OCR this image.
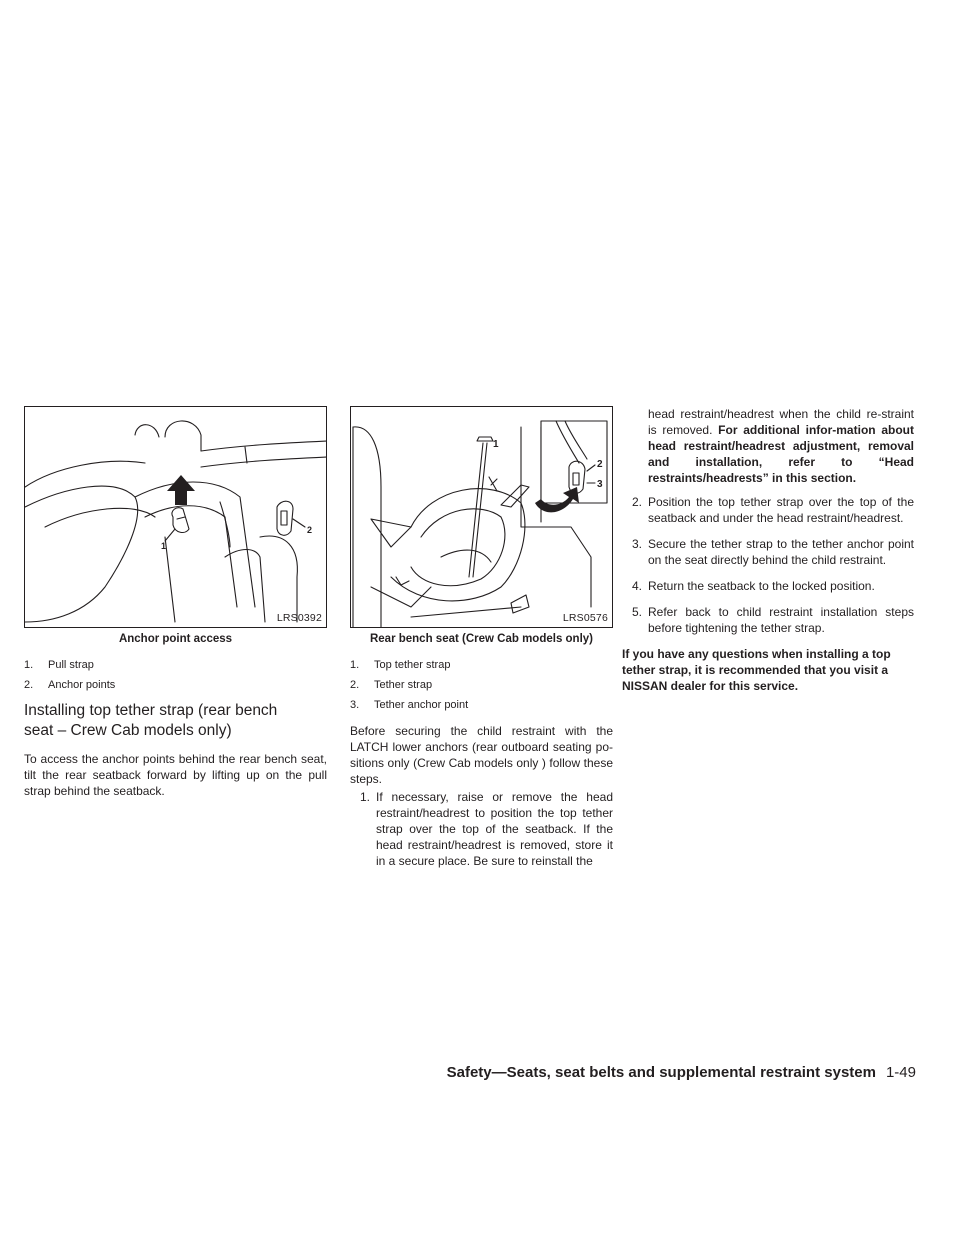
1
2
LRS0392
Anchor point access
1. Pull strap
2. Anchor points
Installing top tether strap (rear bench
seat – Crew Cab models only)

To access the anchor points behind the rear bench seat, tilt the rear seatback forward by lifting up on the pull strap behind the seatback.

1
2
3
LRS0576
Rear bench seat (Crew Cab models only)
1. Top tether strap
2. Tether strap
3. Tether anchor point

Before securing the child restraint with the LATCH lower anchors (rear outboard seating po-sitions only (Crew Cab models only ) follow these steps.

1. If necessary, raise or remove the head restraint/headrest to position the top tether strap over the top of the seatback. If the head restraint/headrest is removed, store it in a secure place. Be sure to reinstall the
head restraint/headrest when the child re-straint is removed. For additional infor-mation about head restraint/headrest adjustment, removal and installation, refer to “Head restraints/headrests” in this section.
2. Position the top tether strap over the top of the seatback and under the head restraint/headrest.
3. Secure the tether strap to the tether anchor point on the seat directly behind the child restraint.
4. Return the seatback to the locked position.
5. Refer back to child restraint installation steps before tightening the tether strap.

If you have any questions when installing a top tether strap, it is recommended that you visit a NISSAN dealer for this service.

Safety—Seats, seat belts and supplemental restraint system 1-49
